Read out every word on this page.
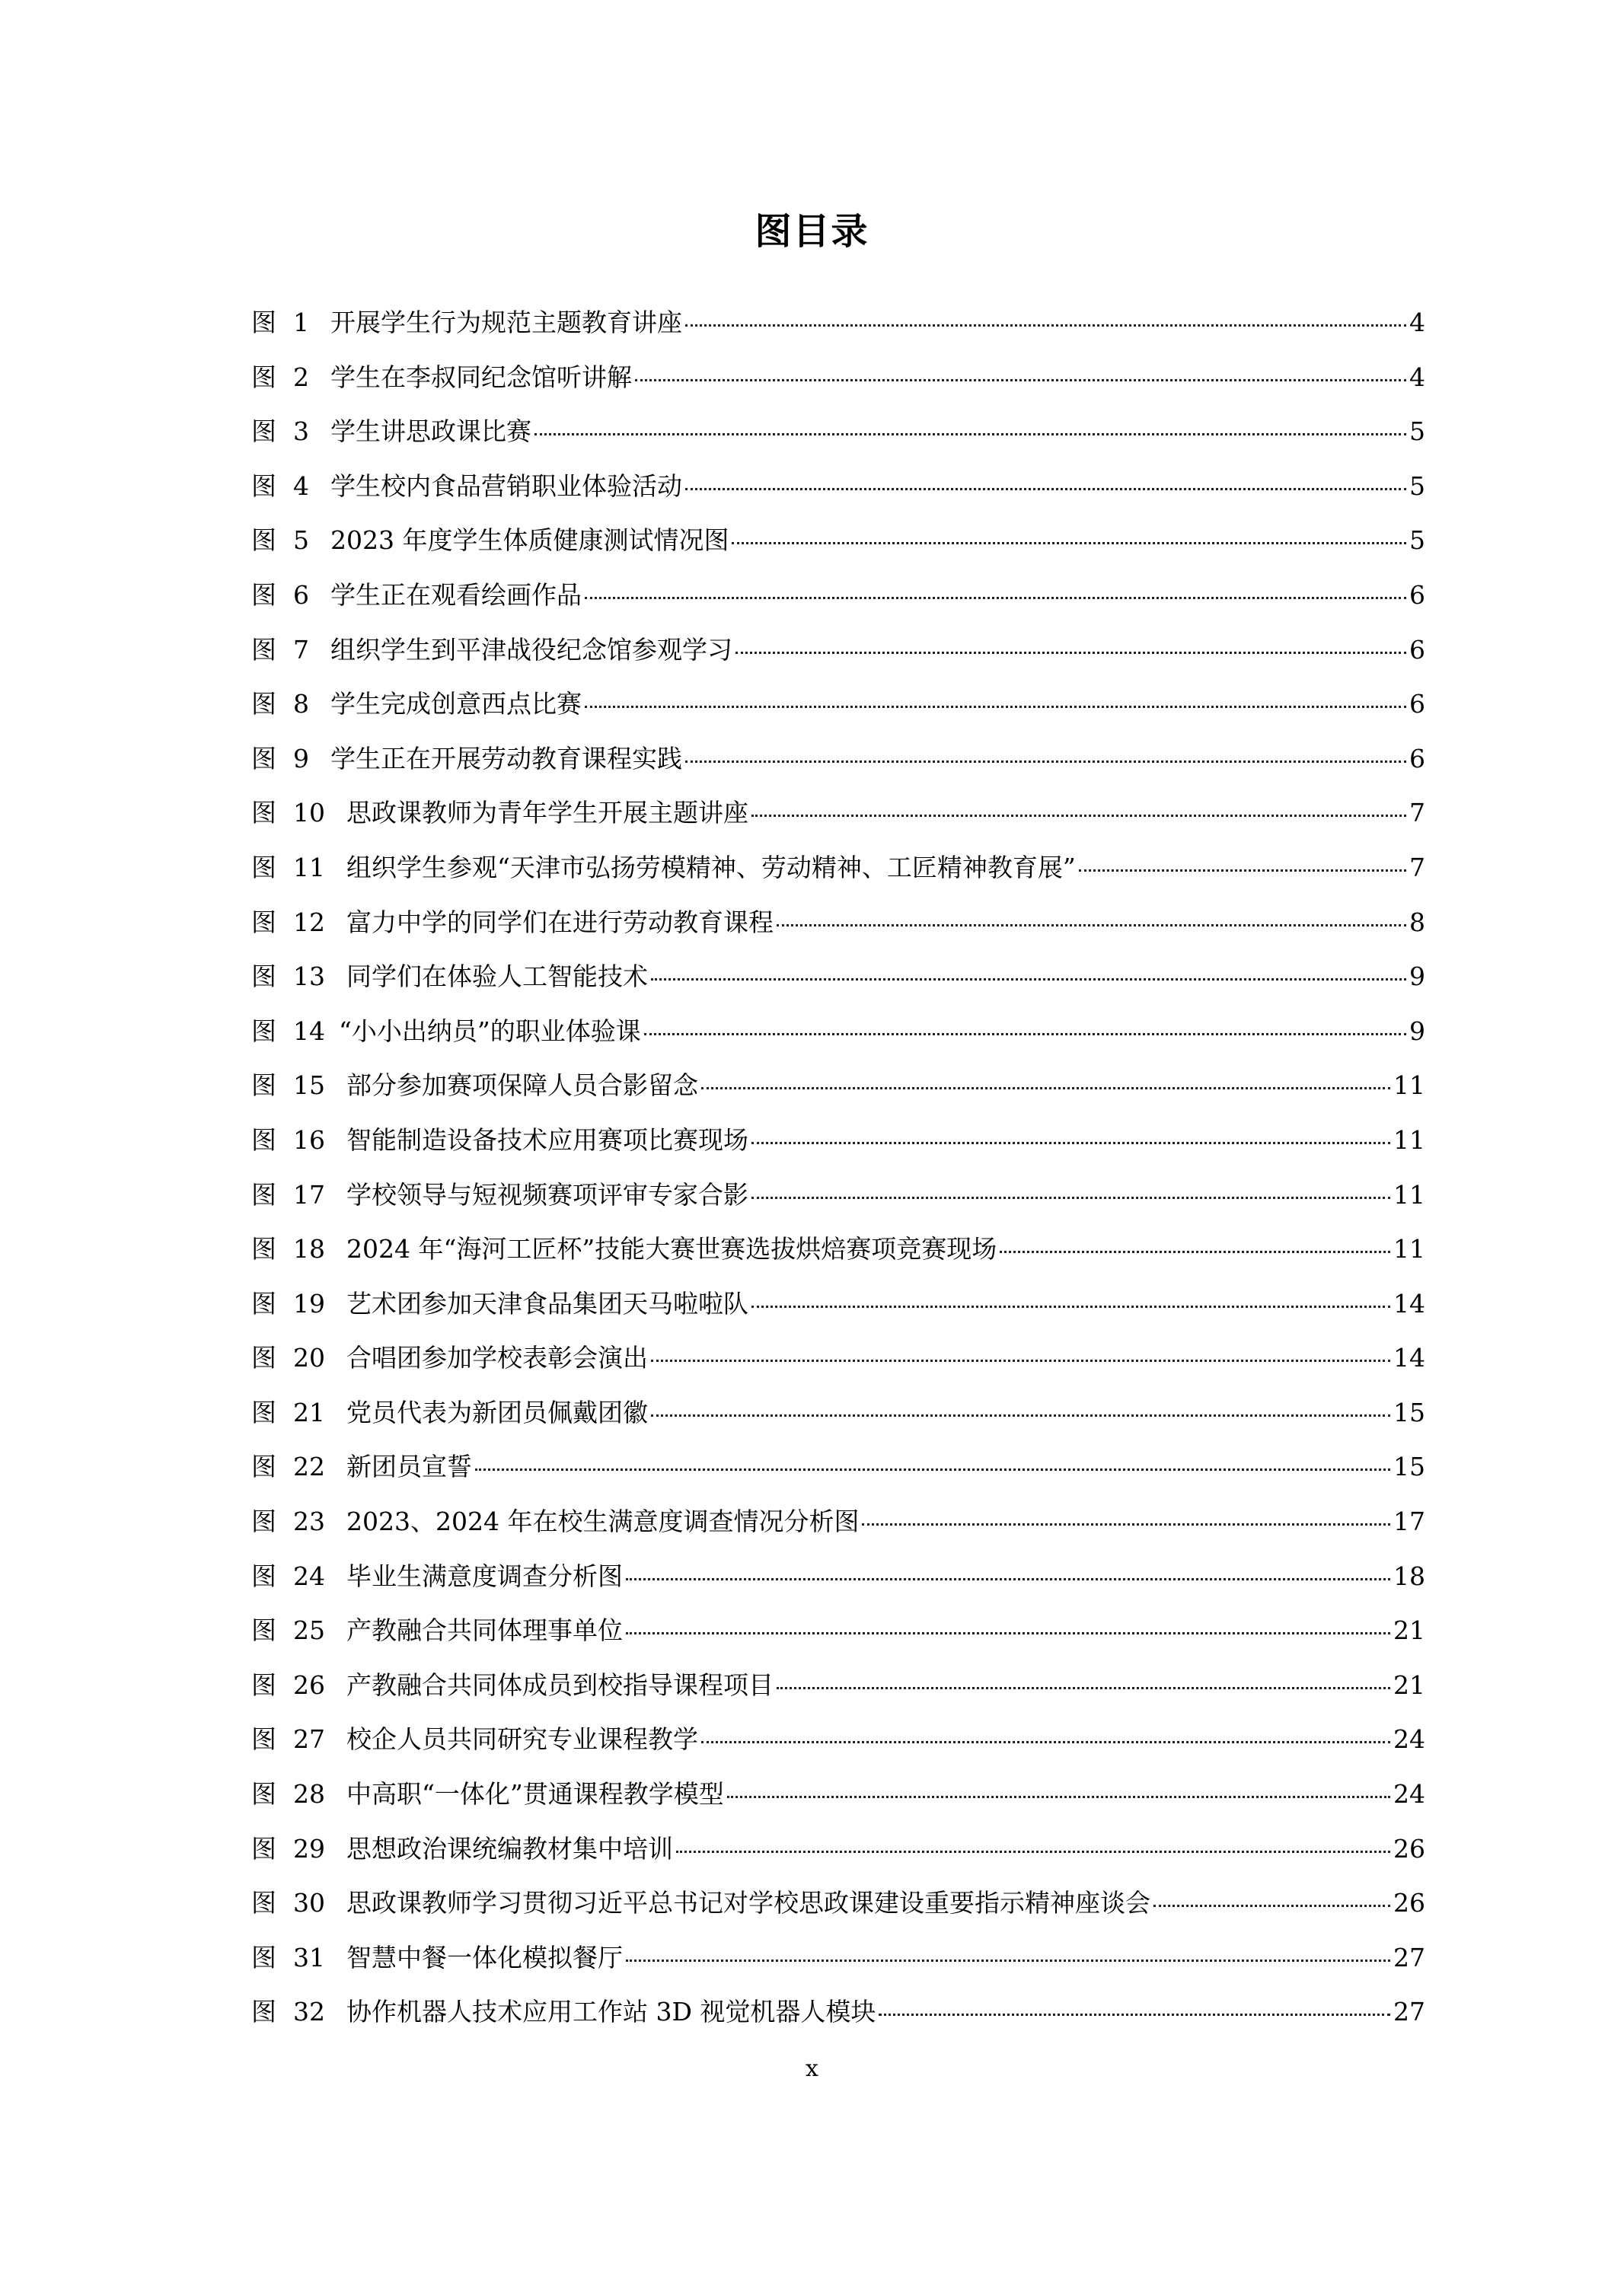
图目录
图 1 开展学生行为规范主题教育讲座	4
图 2 学生在李叔同纪念馆听讲解	4
图 3 学生讲思政课比赛	5
图 4 学生校内食品营销职业体验活动	5
图 5 2023 年度学生体质健康测试情况图	5
图 6 学生正在观看绘画作品	6
图 7 组织学生到平津战役纪念馆参观学习	6
图 8 学生完成创意西点比赛	6
图 9 学生正在开展劳动教育课程实践	6
图 10 思政课教师为青年学生开展主题讲座	7
图 11 组织学生参观“天津市弘扬劳模精神、劳动精神、工匠精神教育展”	7
图 12 富力中学的同学们在进行劳动教育课程	8
图 13 同学们在体验人工智能技术	9
图 14 “小小出纳员”的职业体验课	9
图 15 部分参加赛项保障人员合影留念	11
图 16 智能制造设备技术应用赛项比赛现场	11
图 17 学校领导与短视频赛项评审专家合影	11
图 18 2024 年“海河工匠杯”技能大赛世赛选拔烘焙赛项竞赛现场	11
图 19 艺术团参加天津食品集团天马啦啦队	14
图 20 合唱团参加学校表彰会演出	14
图 21 党员代表为新团员佩戴团徽	15
图 22 新团员宣誓	15
图 23 2023、2024 年在校生满意度调查情况分析图	17
图 24 毕业生满意度调查分析图	18
图 25 产教融合共同体理事单位	21
图 26 产教融合共同体成员到校指导课程项目	21
图 27 校企人员共同研究专业课程教学	24
图 28 中高职“一体化”贯通课程教学模型	24
图 29 思想政治课统编教材集中培训	26
图 30 思政课教师学习贯彻习近平总书记对学校思政课建设重要指示精神座谈会	26
图 31 智慧中餐一体化模拟餐厅	27
图 32 协作机器人技术应用工作站 3D 视觉机器人模块	27
x
